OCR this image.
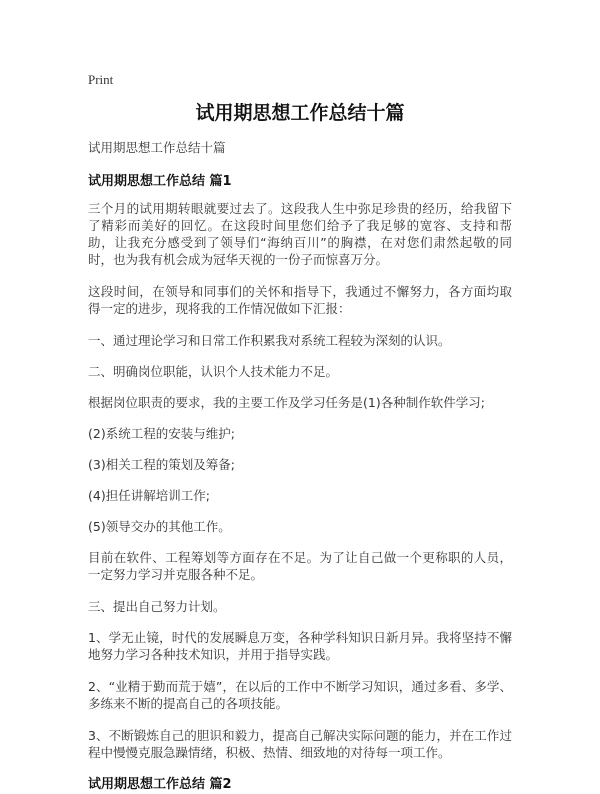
Print
试用期思想工作总结十篇
试用期思想工作总结十篇
试用期思想工作总结 篇1

三个月的试用期转眼就要过去了。这段我人生中弥足珍贵的经历，给我留下了精彩而美好的回忆。在这段时间里您们给予了我足够的宽容、支持和帮助，让我充分感受到了领导们“海纳百川”的胸襟，在对您们肃然起敬的同时，也为我有机会成为冠华天视的一份子而惊喜万分。

这段时间，在领导和同事们的关怀和指导下，我通过不懈努力，各方面均取得一定的进步，现将我的工作情况做如下汇报：

一、通过理论学习和日常工作积累我对系统工程较为深刻的认识。

二、明确岗位职能，认识个人技术能力不足。

根据岗位职责的要求，我的主要工作及学习任务是(1)各种制作软件学习;

(2)系统工程的安装与维护;

(3)相关工程的策划及筹备;

(4)担任讲解培训工作;

(5)领导交办的其他工作。

目前在软件、工程筹划等方面存在不足。为了让自己做一个更称职的人员，一定努力学习并克服各种不足。

三、提出自己努力计划。

1、学无止镜，时代的发展瞬息万变，各种学科知识日新月异。我将坚持不懈地努力学习各种技术知识，并用于指导实践。

2、“业精于勤而荒于嬉”，在以后的工作中不断学习知识，通过多看、多学、多练来不断的提高自己的各项技能。

3、不断锻炼自己的胆识和毅力，提高自己解决实际问题的能力，并在工作过程中慢慢克服急躁情绪，积极、热情、细致地的对待每一项工作。

试用期思想工作总结 篇2
